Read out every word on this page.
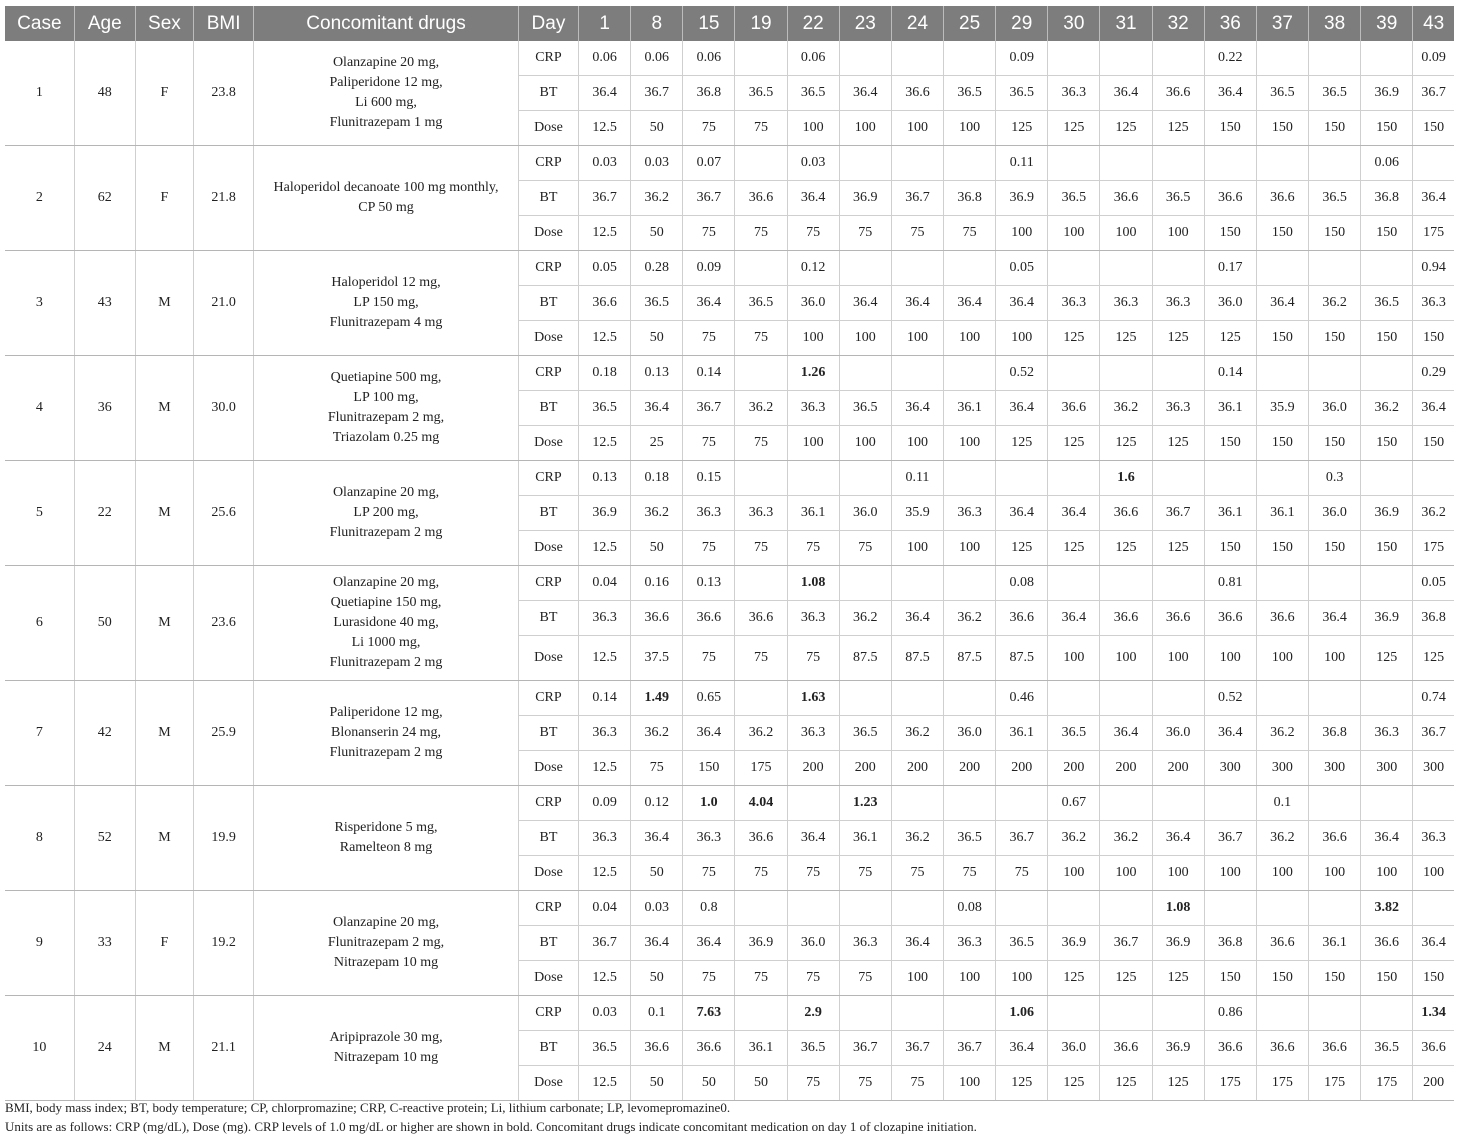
Case	Age	Sex	BMI	Concomitant drugs	Day	1	8	15	19	22	23	24	25	29	30	31	32	36	37	38	39	43
1	48	F	23.8	Olanzapine 20 mg,
Paliperidone 12 mg,
Li 600 mg,
Flunitrazepam 1 mg	CRP	0.06	0.06	0.06		0.06				0.09				0.22				0.09
					BT	36.4	36.7	36.8	36.5	36.5	36.4	36.6	36.5	36.5	36.3	36.4	36.6	36.4	36.5	36.5	36.9	36.7
					Dose	12.5	50	75	75	100	100	100	100	125	125	125	125	150	150	150	150	150
2	62	F	21.8	Haloperidol decanoate 100 mg monthly,
CP 50 mg	CRP	0.03	0.03	0.07		0.03				0.11							0.06	
					BT	36.7	36.2	36.7	36.6	36.4	36.9	36.7	36.8	36.9	36.5	36.6	36.5	36.6	36.6	36.5	36.8	36.4
					Dose	12.5	50	75	75	75	75	75	75	100	100	100	100	150	150	150	150	175
3	43	M	21.0	Haloperidol 12 mg,
LP 150 mg,
Flunitrazepam 4 mg	CRP	0.05	0.28	0.09		0.12				0.05				0.17				0.94
					BT	36.6	36.5	36.4	36.5	36.0	36.4	36.4	36.4	36.4	36.3	36.3	36.3	36.0	36.4	36.2	36.5	36.3
					Dose	12.5	50	75	75	100	100	100	100	100	125	125	125	125	150	150	150	150
4	36	M	30.0	Quetiapine 500 mg,
LP 100 mg,
Flunitrazepam 2 mg,
Triazolam 0.25 mg	CRP	0.18	0.13	0.14		1.26				0.52				0.14				0.29
					BT	36.5	36.4	36.7	36.2	36.3	36.5	36.4	36.1	36.4	36.6	36.2	36.3	36.1	35.9	36.0	36.2	36.4
					Dose	12.5	25	75	75	100	100	100	100	125	125	125	125	150	150	150	150	150
5	22	M	25.6	Olanzapine 20 mg,
LP 200 mg,
Flunitrazepam 2 mg	CRP	0.13	0.18	0.15				0.11				1.6				0.3		
					BT	36.9	36.2	36.3	36.3	36.1	36.0	35.9	36.3	36.4	36.4	36.6	36.7	36.1	36.1	36.0	36.9	36.2
					Dose	12.5	50	75	75	75	75	100	100	125	125	125	125	150	150	150	150	175
6	50	M	23.6	Olanzapine 20 mg,
Quetiapine 150 mg,
Lurasidone 40 mg,
Li 1000 mg,
Flunitrazepam 2 mg	CRP	0.04	0.16	0.13		1.08				0.08				0.81				0.05
					BT	36.3	36.6	36.6	36.6	36.3	36.2	36.4	36.2	36.6	36.4	36.6	36.6	36.6	36.6	36.4	36.9	36.8
					Dose	12.5	37.5	75	75	75	87.5	87.5	87.5	87.5	100	100	100	100	100	100	125	125
7	42	M	25.9	Paliperidone 12 mg,
Blonanserin 24 mg,
Flunitrazepam 2 mg	CRP	0.14	1.49	0.65		1.63				0.46				0.52				0.74
					BT	36.3	36.2	36.4	36.2	36.3	36.5	36.2	36.0	36.1	36.5	36.4	36.0	36.4	36.2	36.8	36.3	36.7
					Dose	12.5	75	150	175	200	200	200	200	200	200	200	200	300	300	300	300	300
8	52	M	19.9	Risperidone 5 mg,
Ramelteon 8 mg	CRP	0.09	0.12	1.0	4.04		1.23				0.67				0.1			
					BT	36.3	36.4	36.3	36.6	36.4	36.1	36.2	36.5	36.7	36.2	36.2	36.4	36.7	36.2	36.6	36.4	36.3
					Dose	12.5	50	75	75	75	75	75	75	75	100	100	100	100	100	100	100	100
9	33	F	19.2	Olanzapine 20 mg,
Flunitrazepam 2 mg,
Nitrazepam 10 mg	CRP	0.04	0.03	0.8					0.08				1.08				3.82	
					BT	36.7	36.4	36.4	36.9	36.0	36.3	36.4	36.3	36.5	36.9	36.7	36.9	36.8	36.6	36.1	36.6	36.4
					Dose	12.5	50	75	75	75	75	100	100	100	125	125	125	150	150	150	150	150
10	24	M	21.1	Aripiprazole 30 mg,
Nitrazepam 10 mg	CRP	0.03	0.1	7.63		2.9				1.06				0.86				1.34
					BT	36.5	36.6	36.6	36.1	36.5	36.7	36.7	36.7	36.4	36.0	36.6	36.9	36.6	36.6	36.6	36.5	36.6
					Dose	12.5	50	50	50	75	75	75	100	125	125	125	125	175	175	175	175	200
BMI, body mass index; BT, body temperature; CP, chlorpromazine; CRP, C-reactive protein; Li, lithium carbonate; LP, levomepromazine0.
Units are as follows: CRP (mg/dL), Dose (mg). CRP levels of 1.0 mg/dL or higher are shown in bold. Concomitant drugs indicate concomitant medication on day 1 of clozapine initiation.
